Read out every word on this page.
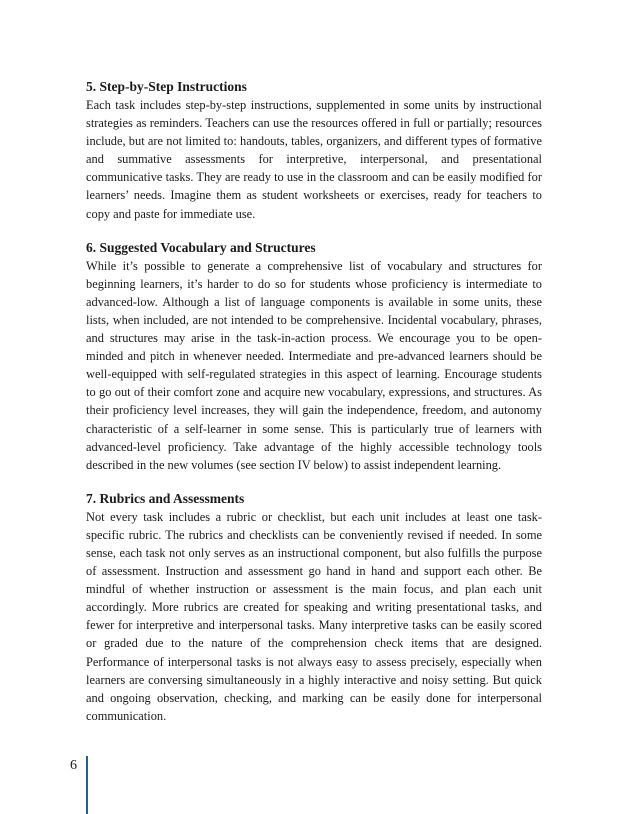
5. Step-by-Step Instructions

Each task includes step-by-step instructions, supplemented in some units by instructional strategies as reminders. Teachers can use the resources offered in full or partially; resources include, but are not limited to: handouts, tables, organizers, and different types of formative and summative assessments for interpretive, interpersonal, and presentational communicative tasks. They are ready to use in the classroom and can be easily modified for learners’ needs. Imagine them as student worksheets or exercises, ready for teachers to copy and paste for immediate use.

6. Suggested Vocabulary and Structures

While it’s possible to generate a comprehensive list of vocabulary and structures for beginning learners, it’s harder to do so for students whose proficiency is intermediate to advanced-low. Although a list of language components is available in some units, these lists, when included, are not intended to be comprehensive. Incidental vocabulary, phrases, and structures may arise in the task-in-action process. We encourage you to be open-minded and pitch in whenever needed. Intermediate and pre-advanced learners should be well-equipped with self-regulated strategies in this aspect of learning. Encourage students to go out of their comfort zone and acquire new vocabulary, expressions, and structures. As their proficiency level increases, they will gain the independence, freedom, and autonomy characteristic of a self-learner in some sense. This is particularly true of learners with advanced-level proficiency. Take advantage of the highly accessible technology tools described in the new volumes (see section IV below) to assist independent learning.

7. Rubrics and Assessments

Not every task includes a rubric or checklist, but each unit includes at least one task-specific rubric. The rubrics and checklists can be conveniently revised if needed. In some sense, each task not only serves as an instructional component, but also fulfills the purpose of assessment. Instruction and assessment go hand in hand and support each other. Be mindful of whether instruction or assessment is the main focus, and plan each unit accordingly. More rubrics are created for speaking and writing presentational tasks, and fewer for interpretive and interpersonal tasks. Many interpretive tasks can be easily scored or graded due to the nature of the comprehension check items that are designed. Performance of interpersonal tasks is not always easy to assess precisely, especially when learners are conversing simultaneously in a highly interactive and noisy setting. But quick and ongoing observation, checking, and marking can be easily done for interpersonal communication.

6
